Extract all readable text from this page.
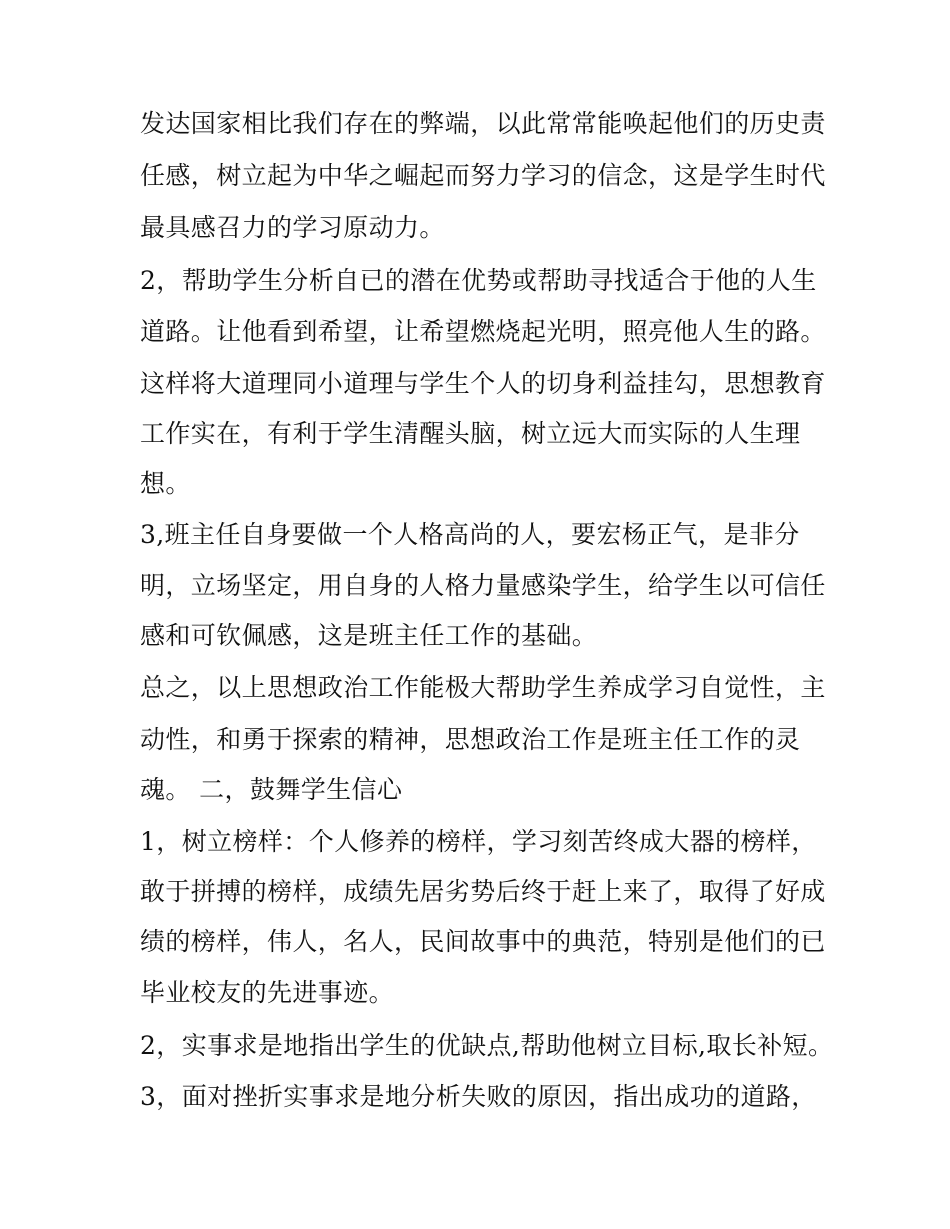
发达国家相比我们存在的弊端，以此常常能唤起他们的历史责
任感，树立起为中华之崛起而努力学习的信念，这是学生时代
最具感召力的学习原动力。
2，帮助学生分析自已的潜在优势或帮助寻找适合于他的人生
道路。让他看到希望，让希望燃烧起光明，照亮他人生的路。
这样将大道理同小道理与学生个人的切身利益挂勾，思想教育
工作实在，有利于学生清醒头脑，树立远大而实际的人生理
想。
3,班主任自身要做一个人格高尚的人，要宏杨正气，是非分
明，立场坚定，用自身的人格力量感染学生，给学生以可信任
感和可钦佩感，这是班主任工作的基础。
总之，以上思想政治工作能极大帮助学生养成学习自觉性，主
动性，和勇于探索的精神，思想政治工作是班主任工作的灵
魂。 二，鼓舞学生信心
1，树立榜样：个人修养的榜样，学习刻苦终成大器的榜样，
敢于拼搏的榜样，成绩先居劣势后终于赶上来了，取得了好成
绩的榜样，伟人，名人，民间故事中的典范，特别是他们的已
毕业校友的先进事迹。
2，实事求是地指出学生的优缺点,帮助他树立目标,取长补短。
3，面对挫折实事求是地分析失败的原因，指出成功的道路，
